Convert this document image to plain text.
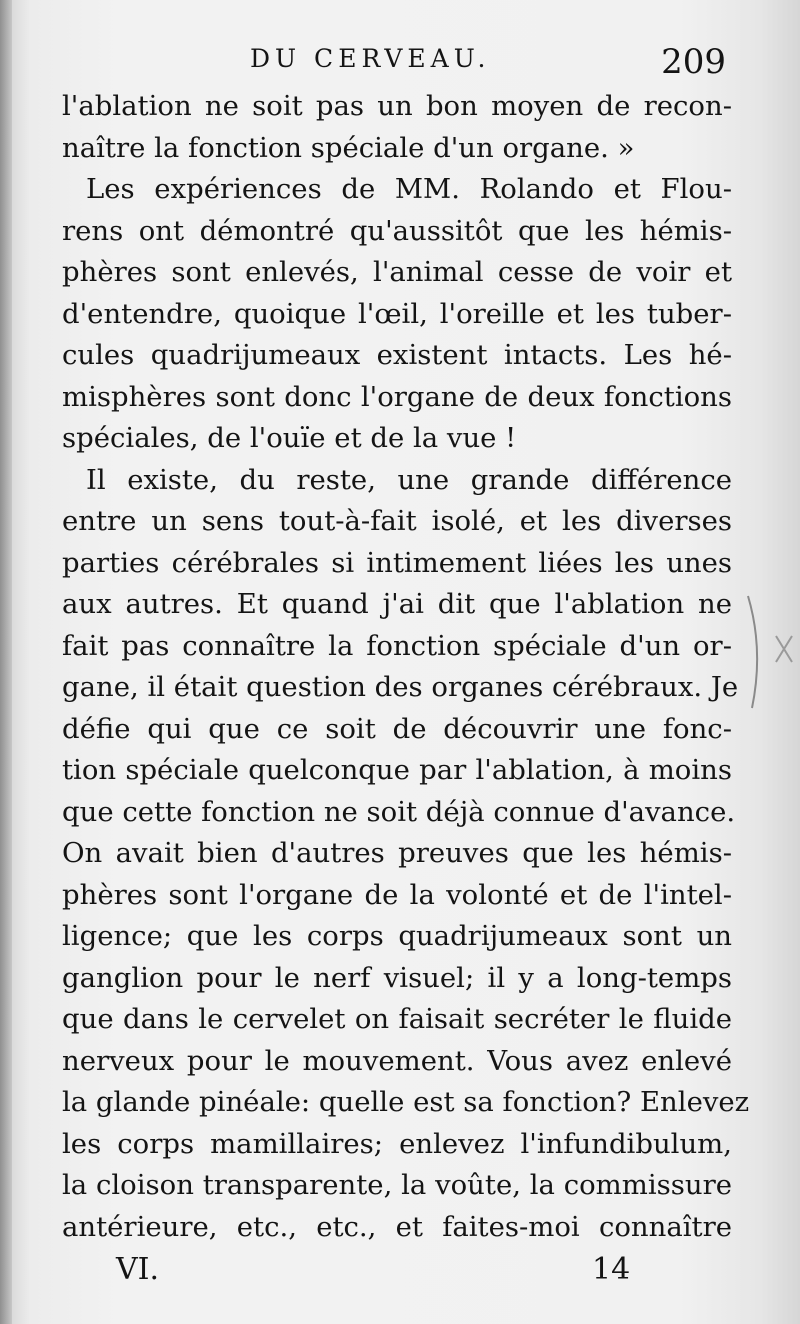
DU CERVEAU.	209
l'ablation ne soit pas un bon moyen de recon-
naître la fonction spéciale d'un organe. »
Les expériences de MM. Rolando et Flou-
rens ont démontré qu'aussitôt que les hémis-
phères sont enlevés, l'animal cesse de voir et
d'entendre, quoique l'œil, l'oreille et les tuber-
cules quadrijumeaux existent intacts. Les hé-
misphères sont donc l'organe de deux fonctions
spéciales, de l'ouïe et de la vue !
Il existe, du reste, une grande différence
entre un sens tout-à-fait isolé, et les diverses
parties cérébrales si intimement liées les unes
aux autres. Et quand j'ai dit que l'ablation ne
fait pas connaître la fonction spéciale d'un or-
gane, il était question des organes cérébraux. Je
défie qui que ce soit de découvrir une fonc-
tion spéciale quelconque par l'ablation, à moins
que cette fonction ne soit déjà connue d'avance.
On avait bien d'autres preuves que les hémis-
phères sont l'organe de la volonté et de l'intel-
ligence; que les corps quadrijumeaux sont un
ganglion pour le nerf visuel; il y a long-temps
que dans le cervelet on faisait secréter le fluide
nerveux pour le mouvement. Vous avez enlevé
la glande pinéale: quelle est sa fonction? Enlevez
les corps mamillaires; enlevez l'infundibulum,
la cloison transparente, la voûte, la commissure
antérieure, etc., etc., et faites-moi connaître
VI.	14
